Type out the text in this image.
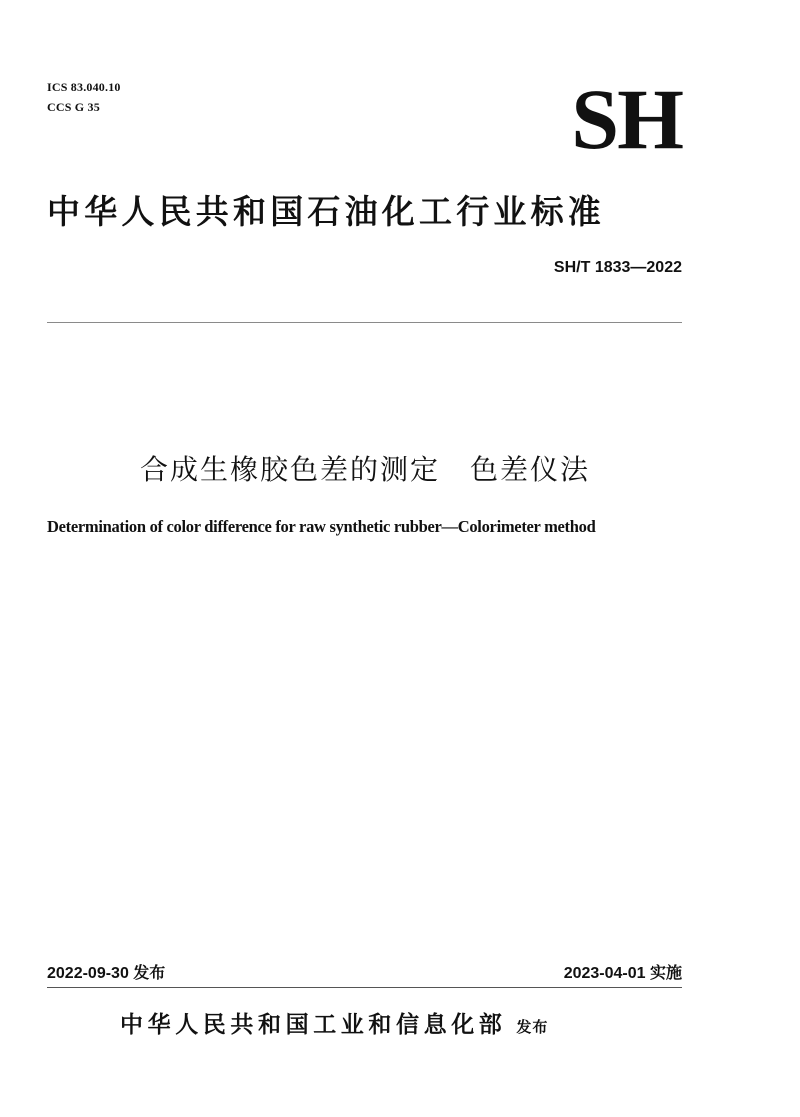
ICS 83.040.10
CCS G 35	SH
中华人民共和国石油化工行业标准
SH/T 1833—2022
合成生橡胶色差的测定　色差仪法
Determination of color difference for raw synthetic rubber—Colorimeter method
2022-09-30 发布	2023-04-01 实施
中华人民共和国工业和信息化部 发布
